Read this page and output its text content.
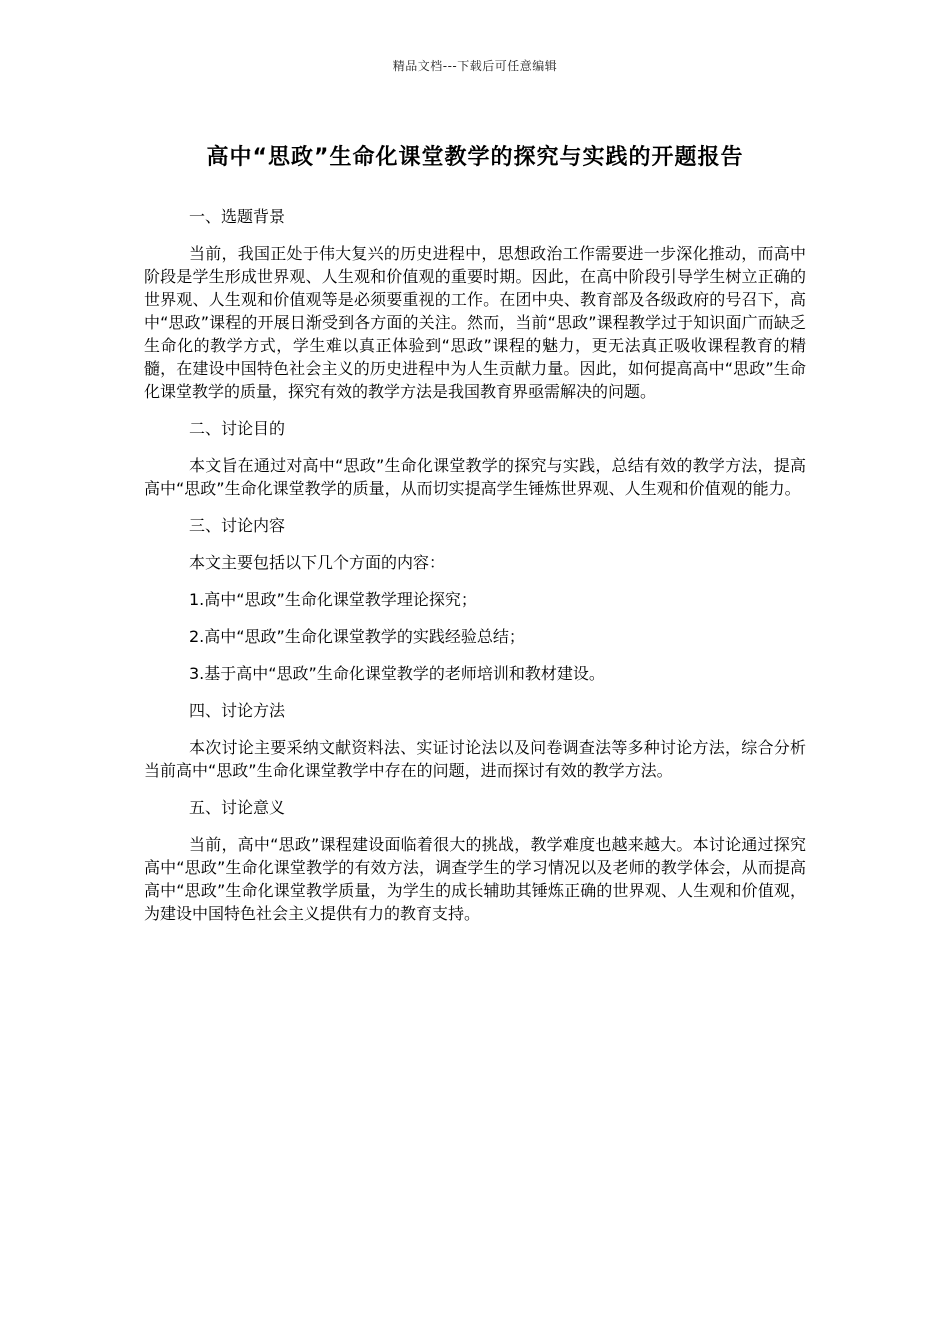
精品文档---下载后可任意编辑
高中“思政”生命化课堂教学的探究与实践的开题报告

一、选题背景

当前，我国正处于伟大复兴的历史进程中，思想政治工作需要进一步深化推动，而高中阶段是学生形成世界观、人生观和价值观的重要时期。因此，在高中阶段引导学生树立正确的世界观、人生观和价值观等是必须要重视的工作。在团中央、教育部及各级政府的号召下，高中“思政”课程的开展日渐受到各方面的关注。然而，当前“思政”课程教学过于知识面广而缺乏生命化的教学方式，学生难以真正体验到“思政”课程的魅力，更无法真正吸收课程教育的精髓，在建设中国特色社会主义的历史进程中为人生贡献力量。因此，如何提高高中“思政”生命化课堂教学的质量，探究有效的教学方法是我国教育界亟需解决的问题。

二、讨论目的

本文旨在通过对高中“思政”生命化课堂教学的探究与实践，总结有效的教学方法，提高高中“思政”生命化课堂教学的质量，从而切实提高学生锤炼世界观、人生观和价值观的能力。

三、讨论内容

本文主要包括以下几个方面的内容：

1.高中“思政”生命化课堂教学理论探究；

2.高中“思政”生命化课堂教学的实践经验总结；

3.基于高中“思政”生命化课堂教学的老师培训和教材建设。

四、讨论方法

本次讨论主要采纳文献资料法、实证讨论法以及问卷调查法等多种讨论方法，综合分析当前高中“思政”生命化课堂教学中存在的问题，进而探讨有效的教学方法。

五、讨论意义

当前，高中“思政”课程建设面临着很大的挑战，教学难度也越来越大。本讨论通过探究高中“思政”生命化课堂教学的有效方法，调查学生的学习情况以及老师的教学体会，从而提高高中“思政”生命化课堂教学质量，为学生的成长辅助其锤炼正确的世界观、人生观和价值观，为建设中国特色社会主义提供有力的教育支持。
